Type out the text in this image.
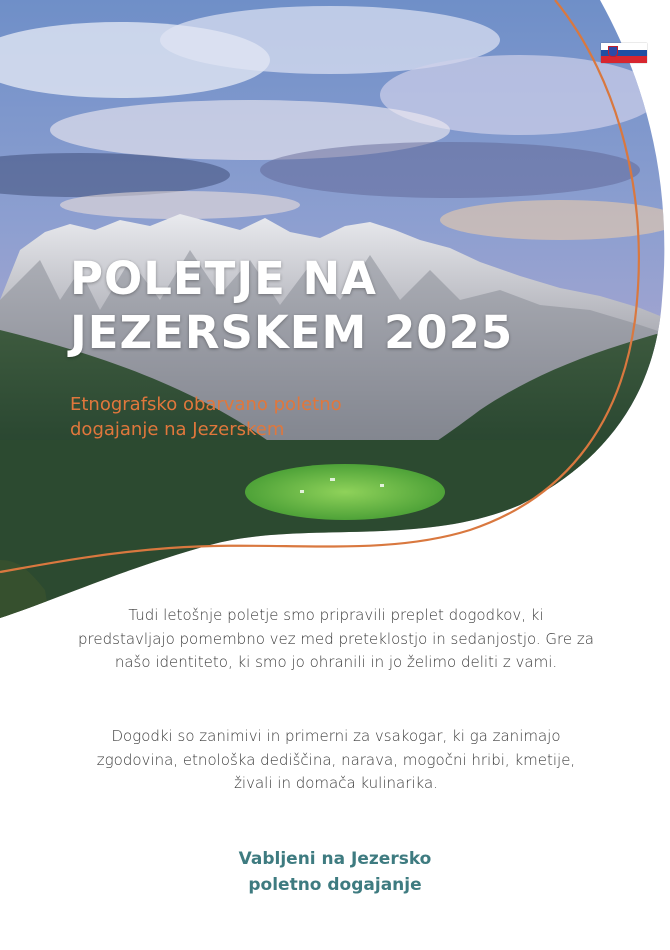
POLETJE NA
JEZERSKEM 2025

Etnografsko obarvano poletno
dogajanje na Jezerskem

Tudi letošnje poletje smo pripravili preplet dogodkov, ki predstavljajo pomembno vez med preteklostjo in sedanjostjo. Gre za našo identiteto, ki smo jo ohranili in jo želimo deliti z vami.

Dogodki so zanimivi in primerni za vsakogar, ki ga zanimajo zgodovina, etnološka dediščina, narava, mogočni hribi, kmetije, živali in domača kulinarika.

Vabljeni na Jezersko
poletno dogajanje
